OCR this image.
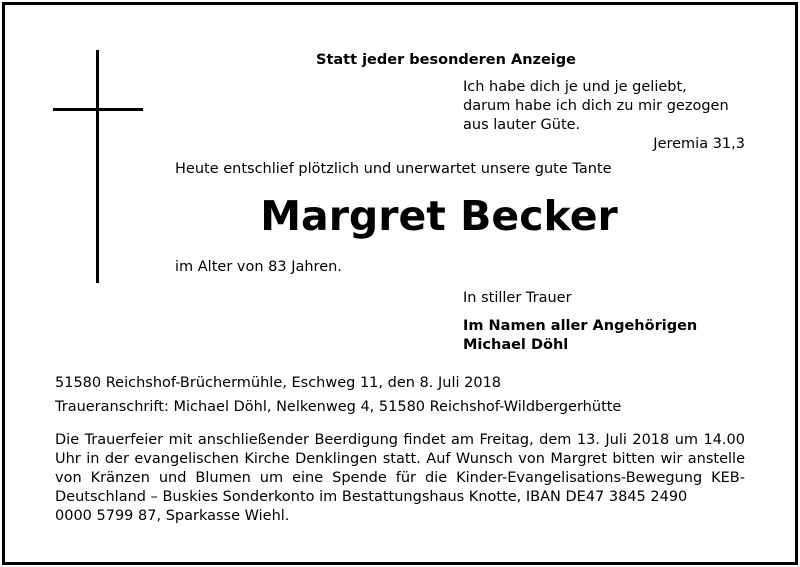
Statt jeder besonderen Anzeige
Ich habe dich je und je geliebt,
darum habe ich dich zu mir gezogen
aus lauter Güte.
Jeremia 31,3
Heute entschlief plötzlich und unerwartet unsere gute Tante
Margret Becker
im Alter von 83 Jahren.
In stiller Trauer
Im Namen aller Angehörigen
Michael Döhl
51580 Reichshof-Brüchermühle, Eschweg 11, den 8. Juli 2018
Traueranschrift: Michael Döhl, Nelkenweg 4, 51580 Reichshof-Wildbergerhütte
Die Trauerfeier mit anschließender Beerdigung findet am Freitag, dem 13. Juli 2018 um 14.00 Uhr in der evangelischen Kirche Denklingen statt. Auf Wunsch von Margret bitten wir anstelle von Kränzen und Blumen um eine Spende für die Kinder-Evangelisations-Bewegung KEB-Deutschland – Buskies Sonderkonto im Bestattungshaus Knotte, IBAN DE47 3845 2490
0000 5799 87, Sparkasse Wiehl.
